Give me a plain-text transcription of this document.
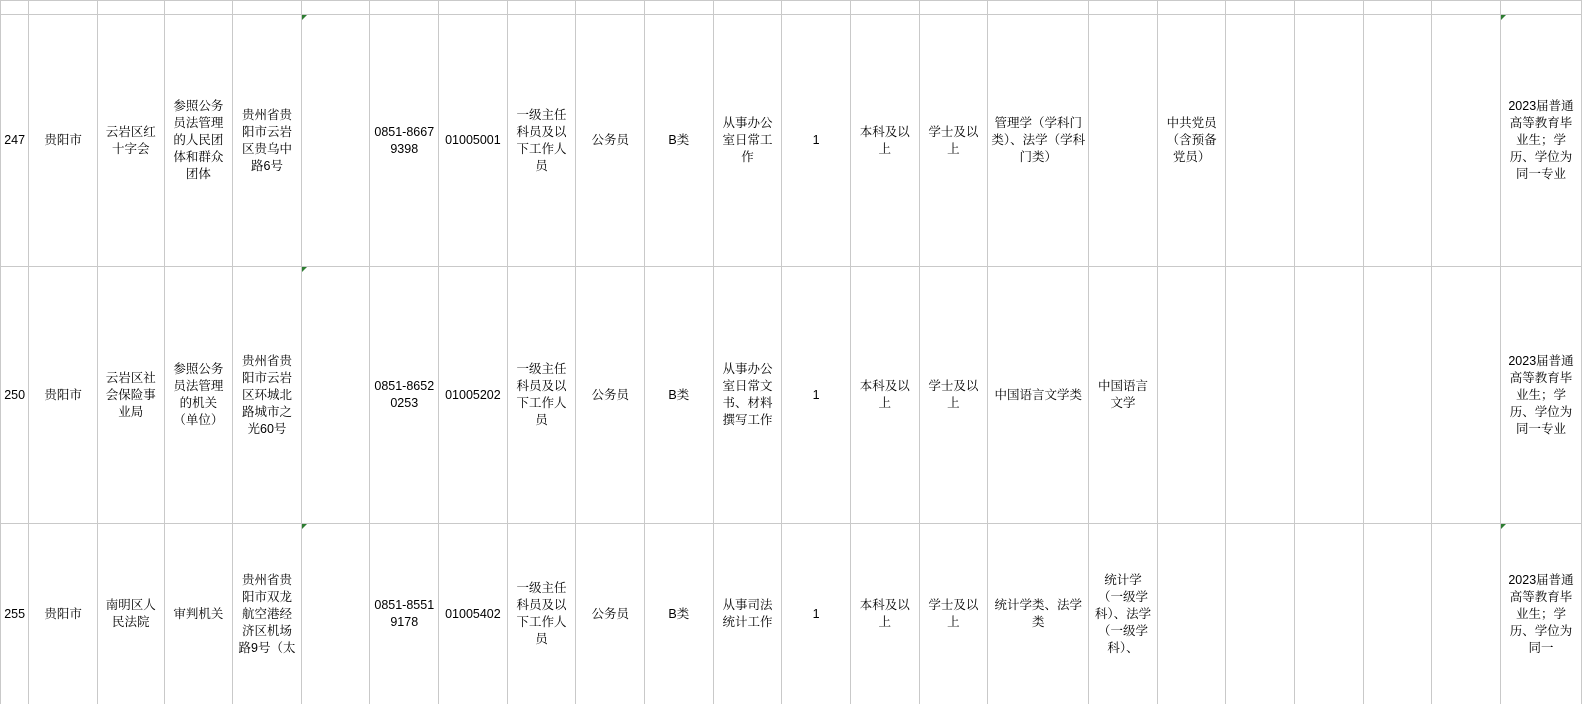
247	贵阳市	云岩区红十字会	参照公务员法管理的人民团体和群众团体	贵州省贵阳市云岩区贵乌中路6号		0851-86679398	01005001	一级主任科员及以下工作人员	公务员	B类	从事办公室日常工作	1	本科及以上	学士及以上	管理学（学科门类）、法学（学科门类）		中共党员（含预备党员）					2023届普通高等教育毕业生；学历、学位为同一专业
250	贵阳市	云岩区社会保险事业局	参照公务员法管理的机关（单位）	贵州省贵阳市云岩区环城北路城市之光60号		0851-86520253	01005202	一级主任科员及以下工作人员	公务员	B类	从事办公室日常文书、材料撰写工作	1	本科及以上	学士及以上	中国语言文学类	中国语言文学						2023届普通高等教育毕业生；学历、学位为同一专业
255	贵阳市	南明区人民法院	审判机关	贵州省贵阳市双龙航空港经济区机场路9号（太		0851-85519178	01005402	一级主任科员及以下工作人员	公务员	B类	从事司法统计工作	1	本科及以上	学士及以上	统计学类、法学类	统计学（一级学科）、法学（一级学科）、						2023届普通高等教育毕业生；学历、学位为同一
